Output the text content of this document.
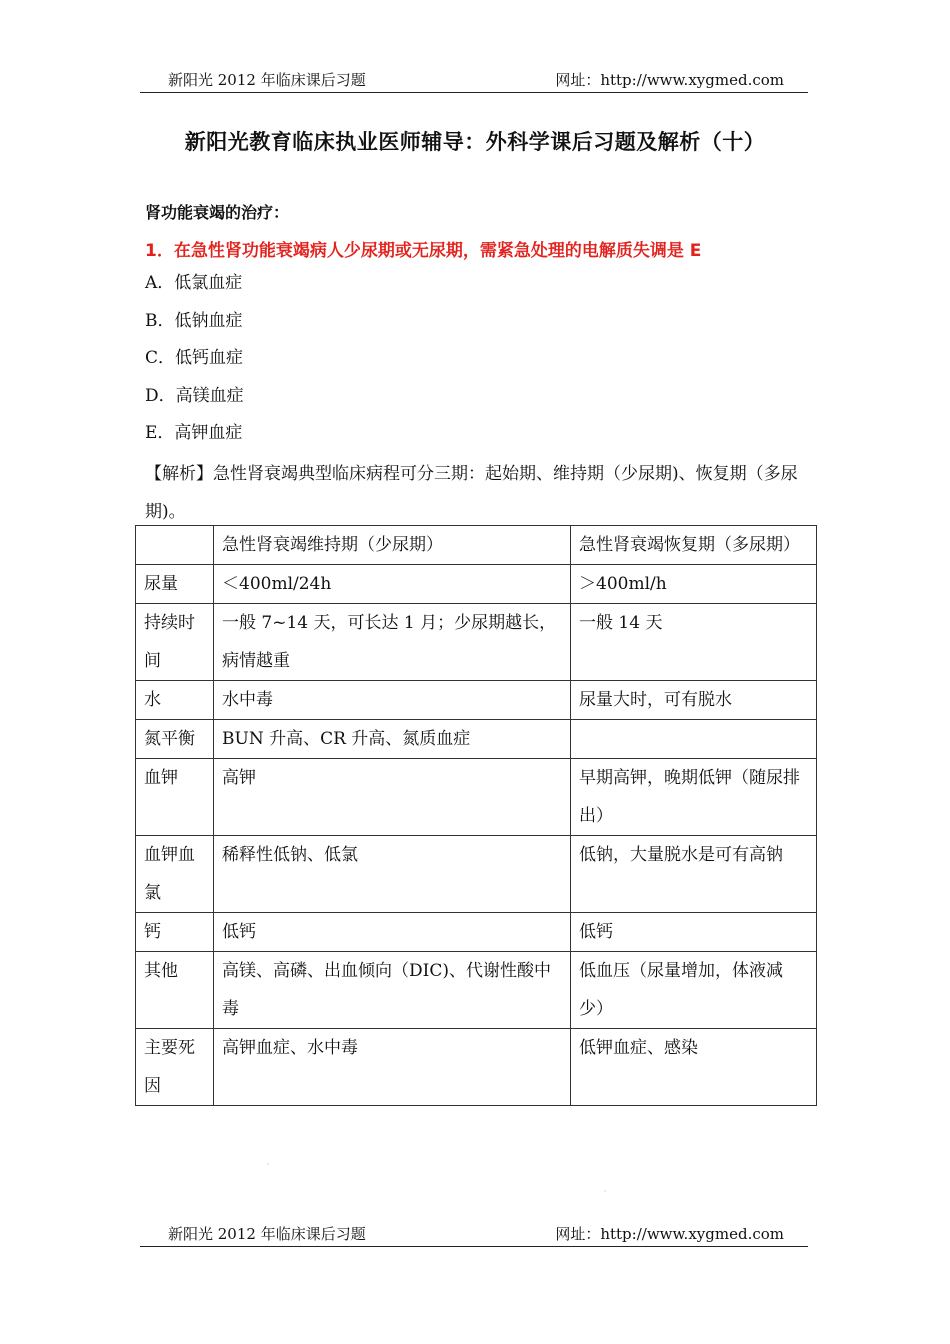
新阳光 2012 年临床课后习题	网址：http://www.xygmed.com
新阳光教育临床执业医师辅导：外科学课后习题及解析（十）
肾功能衰竭的治疗：
1．在急性肾功能衰竭病人少尿期或无尿期，需紧急处理的电解质失调是 E
A．低氯血症
B．低钠血症
C．低钙血症
D．高镁血症
E．高钾血症
【解析】急性肾衰竭典型临床病程可分三期：起始期、维持期（少尿期)、恢复期（多尿期)。
	急性肾衰竭维持期（少尿期）	急性肾衰竭恢复期（多尿期）
尿量	＜400ml/24h	＞400ml/h
持续时间	一般 7~14 天，可长达 1 月；少尿期越长，病情越重	一般 14 天
水	水中毒	尿量大时，可有脱水
氮平衡	BUN 升高、CR 升高、氮质血症	
血钾	高钾	早期高钾，晚期低钾（随尿排出）
血钾血氯	稀释性低钠、低氯	低钠，大量脱水是可有高钠
钙	低钙	低钙
其他	高镁、高磷、出血倾向（DIC)、代谢性酸中毒	低血压（尿量增加，体液减少）
主要死因	高钾血症、水中毒	低钾血症、感染
新阳光 2012 年临床课后习题	网址：http://www.xygmed.com
